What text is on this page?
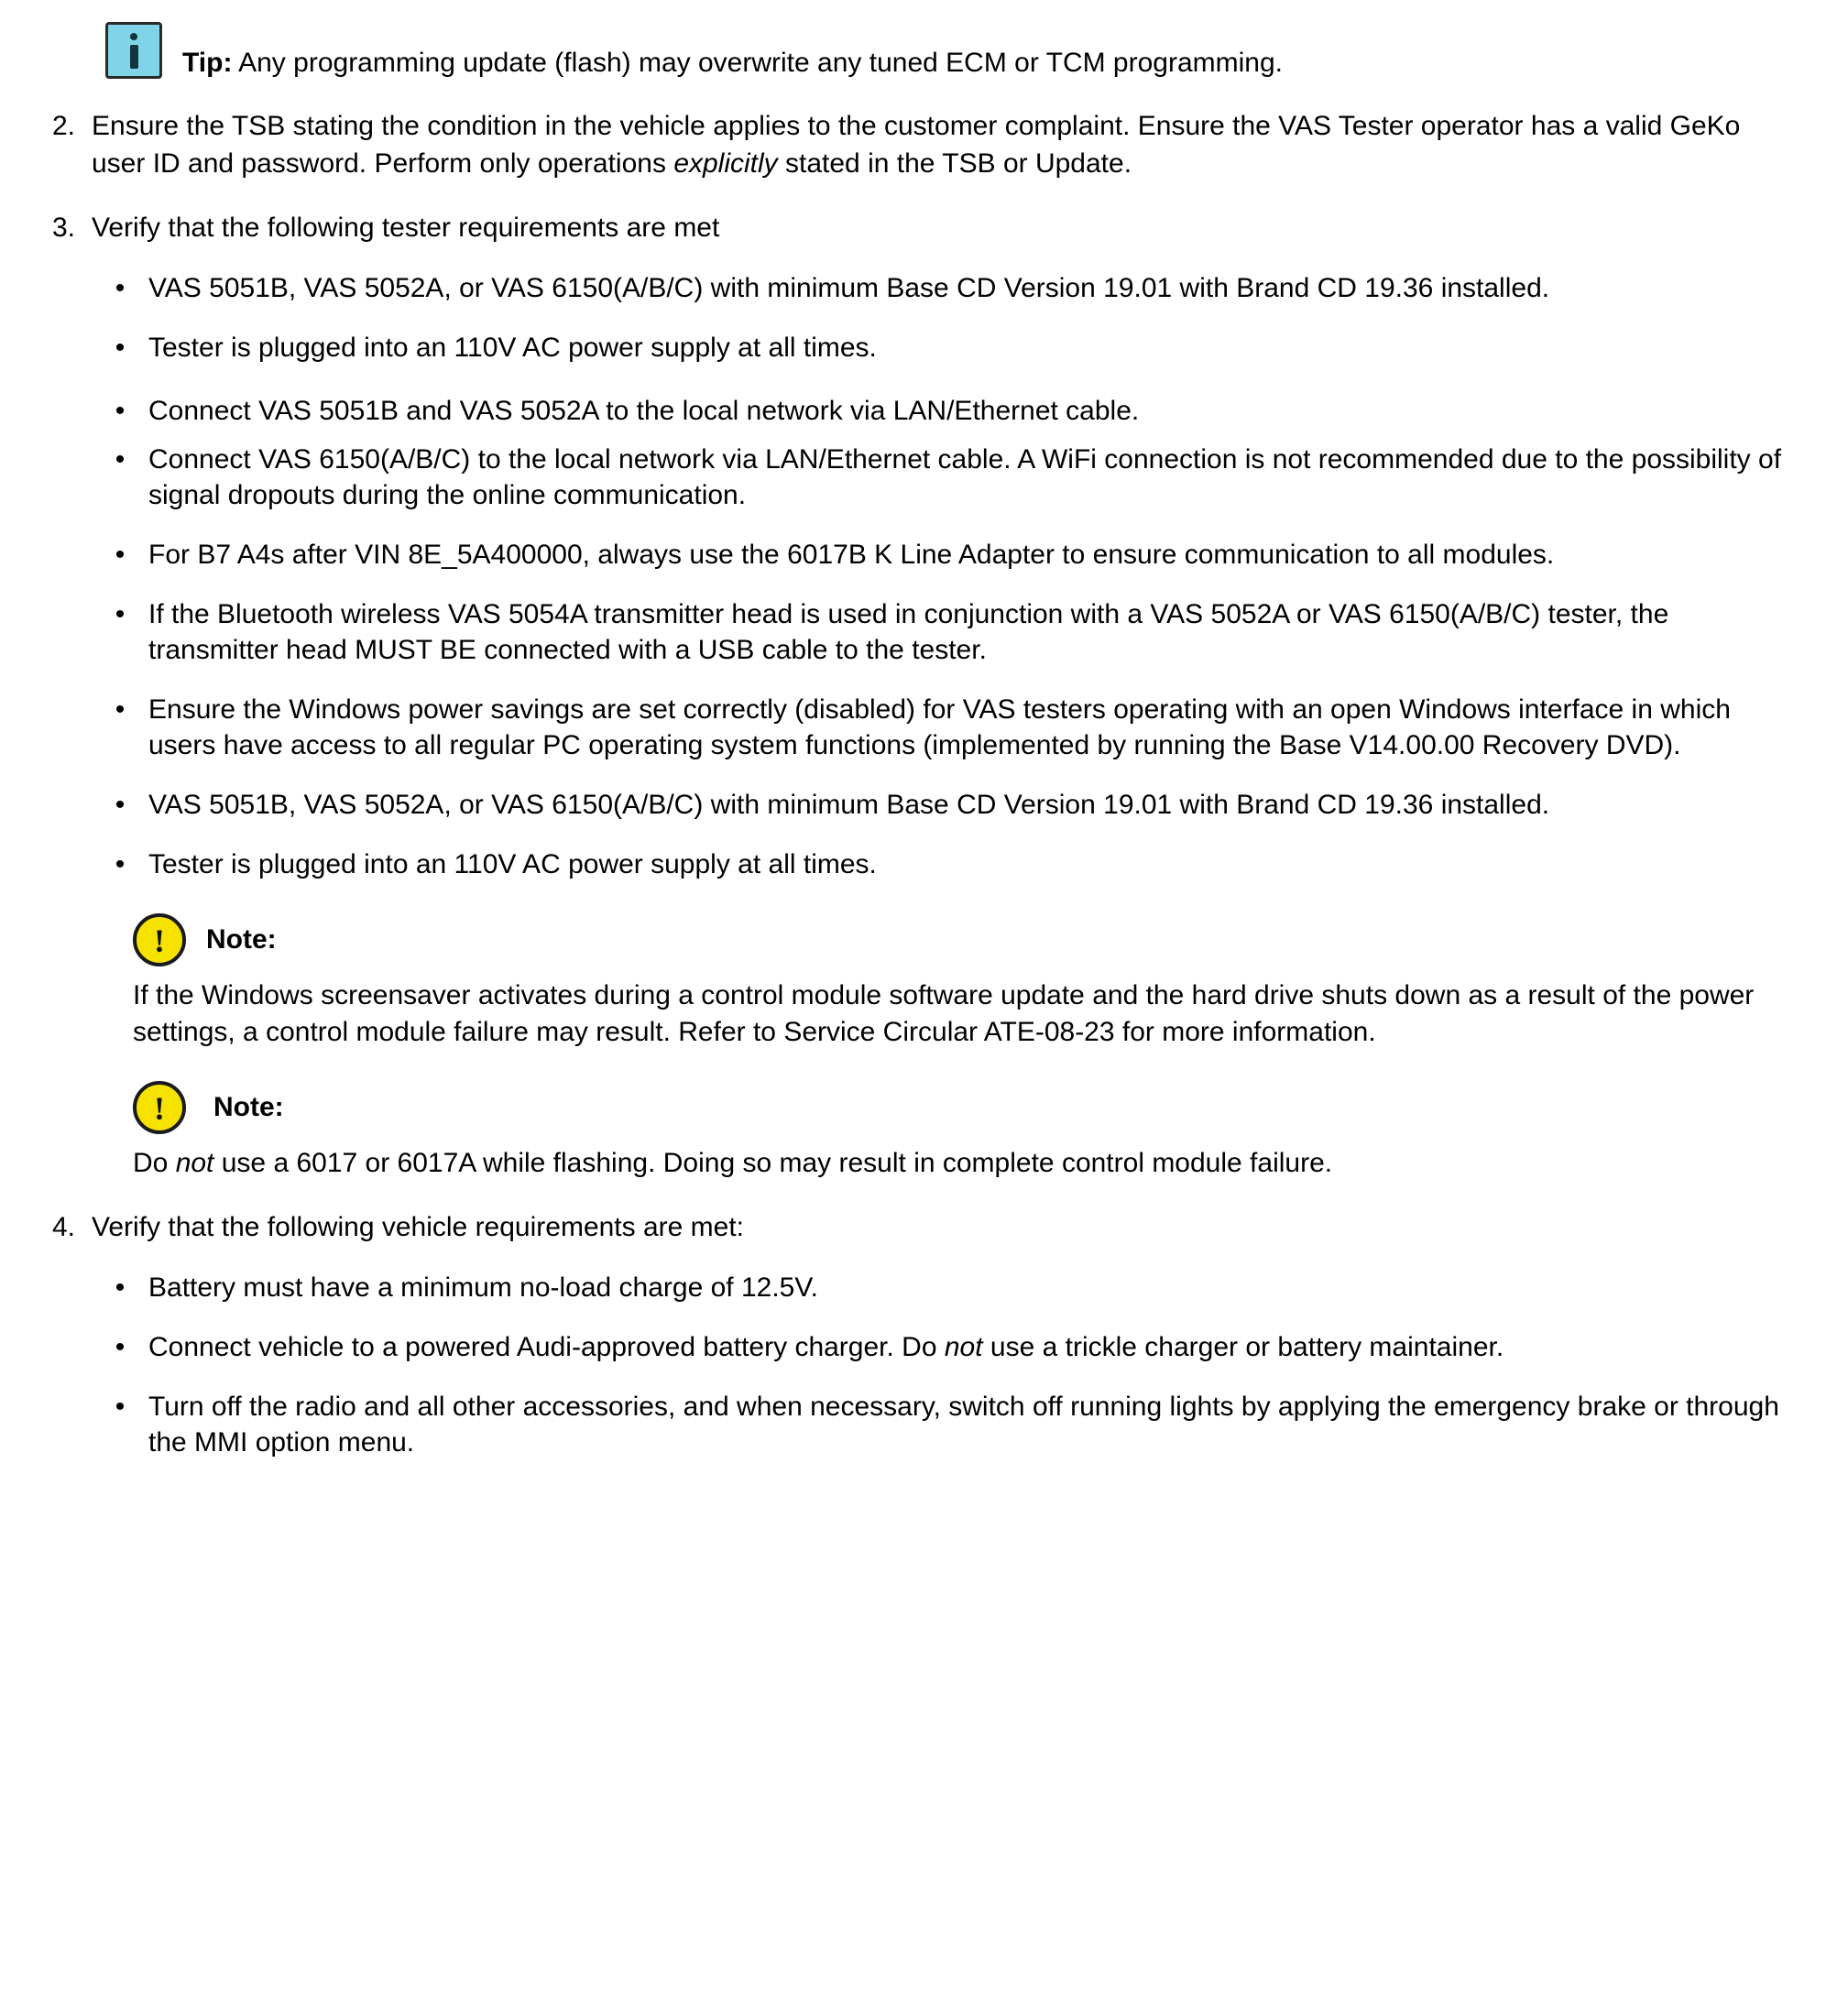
Tip: Any programming update (flash) may overwrite any tuned ECM or TCM programming.
2. Ensure the TSB stating the condition in the vehicle applies to the customer complaint. Ensure the VAS Tester operator has a valid GeKo user ID and password. Perform only operations explicitly stated in the TSB or Update.
3. Verify that the following tester requirements are met
• VAS 5051B, VAS 5052A, or VAS 6150(A/B/C) with minimum Base CD Version 19.01 with Brand CD 19.36 installed.
• Tester is plugged into an 110V AC power supply at all times.
• Connect VAS 5051B and VAS 5052A to the local network via LAN/Ethernet cable.
• Connect VAS 6150(A/B/C) to the local network via LAN/Ethernet cable. A WiFi connection is not recommended due to the possibility of signal dropouts during the online communication.
• For B7 A4s after VIN 8E_5A400000, always use the 6017B K Line Adapter to ensure communication to all modules.
• If the Bluetooth wireless VAS 5054A transmitter head is used in conjunction with a VAS 5052A or VAS 6150(A/B/C) tester, the transmitter head MUST BE connected with a USB cable to the tester.
• Ensure the Windows power savings are set correctly (disabled) for VAS testers operating with an open Windows interface in which users have access to all regular PC operating system functions (implemented by running the Base V14.00.00 Recovery DVD).
• VAS 5051B, VAS 5052A, or VAS 6150(A/B/C) with minimum Base CD Version 19.01 with Brand CD 19.36 installed.
• Tester is plugged into an 110V AC power supply at all times.
!	Note:
If the Windows screensaver activates during a control module software update and the hard drive shuts down as a result of the power settings, a control module failure may result. Refer to Service Circular ATE-08-23 for more information.
!	Note:
Do not use a 6017 or 6017A while flashing. Doing so may result in complete control module failure.
4. Verify that the following vehicle requirements are met:
• Battery must have a minimum no-load charge of 12.5V.
• Connect vehicle to a powered Audi-approved battery charger. Do not use a trickle charger or battery maintainer.
• Turn off the radio and all other accessories, and when necessary, switch off running lights by applying the emergency brake or through the MMI option menu.
